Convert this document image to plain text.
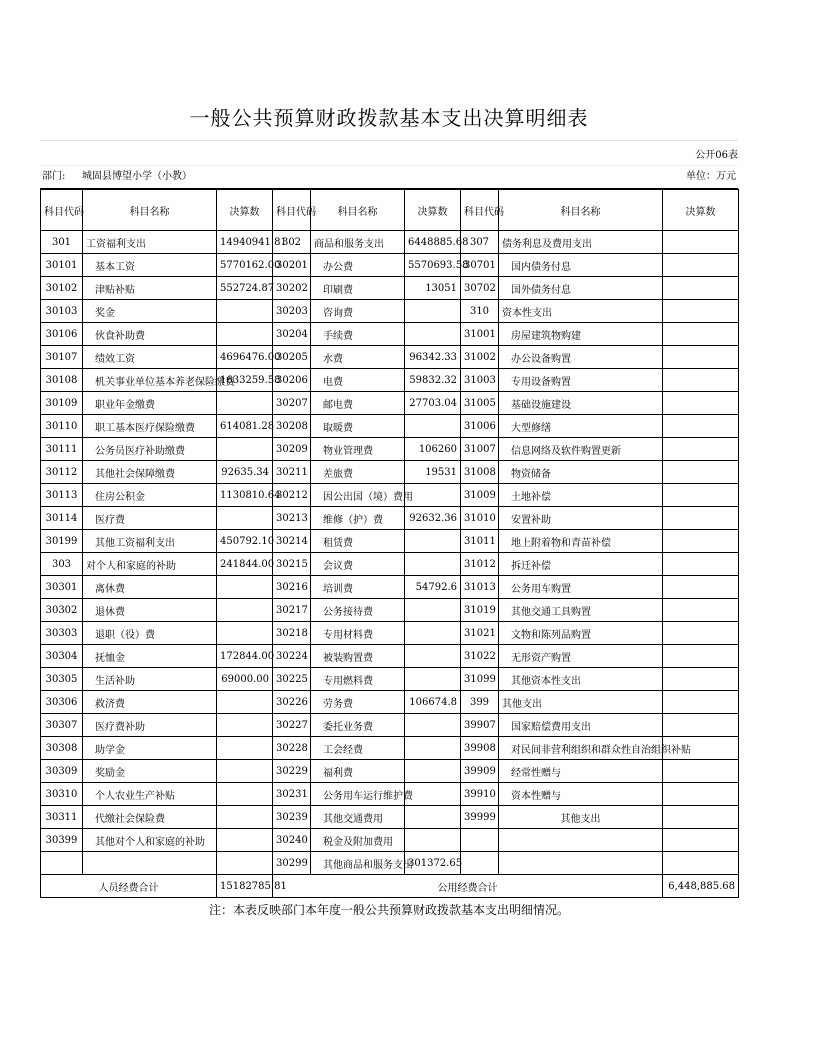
一般公共预算财政拨款基本支出决算明细表
公开06表
部门: 城固县博望小学（小教）	单位：万元
科目代码	科目名称	决算数	科目代码	科目名称	决算数	科目代码	科目名称	决算数
301	工资福利支出	14940941.81	302	商品和服务支出	6448885.68	307	债务利息及费用支出	
30101	基本工资	5770162.00	30201	办公费	5570693.58	30701	国内债务付息	
30102	津贴补贴	552724.87	30202	印刷费	13051	30702	国外债务付息	
30103	奖金		30203	咨询费		310	资本性支出	
30106	伙食补助费		30204	手续费		31001	房屋建筑物购建	
30107	绩效工资	4696476.00	30205	水费	96342.33	31002	办公设备购置	
30108	机关事业单位基本养老保险缴费	1633259.58	30206	电费	59832.32	31003	专用设备购置	
30109	职业年金缴费		30207	邮电费	27703.04	31005	基础设施建设	
30110	职工基本医疗保险缴费	614081.28	30208	取暖费		31006	大型修缮	
30111	公务员医疗补助缴费		30209	物业管理费	106260	31007	信息网络及软件购置更新	
30112	其他社会保障缴费	92635.34	30211	差旅费	19531	31008	物资储备	
30113	住房公积金	1130810.64	30212	因公出国（境）费用		31009	土地补偿	
30114	医疗费		30213	维修（护）费	92632.36	31010	安置补助	
30199	其他工资福利支出	450792.10	30214	租赁费		31011	地上附着物和青苗补偿	
303	对个人和家庭的补助	241844.00	30215	会议费		31012	拆迁补偿	
30301	离休费		30216	培训费	54792.6	31013	公务用车购置	
30302	退休费		30217	公务接待费		31019	其他交通工具购置	
30303	退职（役）费		30218	专用材料费		31021	文物和陈列品购置	
30304	抚恤金	172844.00	30224	被装购置费		31022	无形资产购置	
30305	生活补助	69000.00	30225	专用燃料费		31099	其他资本性支出	
30306	救济费		30226	劳务费	106674.8	399	其他支出	
30307	医疗费补助		30227	委托业务费		39907	国家赔偿费用支出	
30308	助学金		30228	工会经费		39908	对民间非营利组织和群众性自治组织补贴	
30309	奖励金		30229	福利费		39909	经常性赠与	
30310	个人农业生产补贴		30231	公务用车运行维护费		39910	资本性赠与	
30311	代缴社会保险费		30239	其他交通费用		39999	其他支出	
30399	其他对个人和家庭的补助		30240	税金及附加费用				
			30299	其他商品和服务支出	301372.65			
人员经费合计		15182785.81	公用经费合计					6,448,885.68
注：本表反映部门本年度一般公共预算财政拨款基本支出明细情况。
